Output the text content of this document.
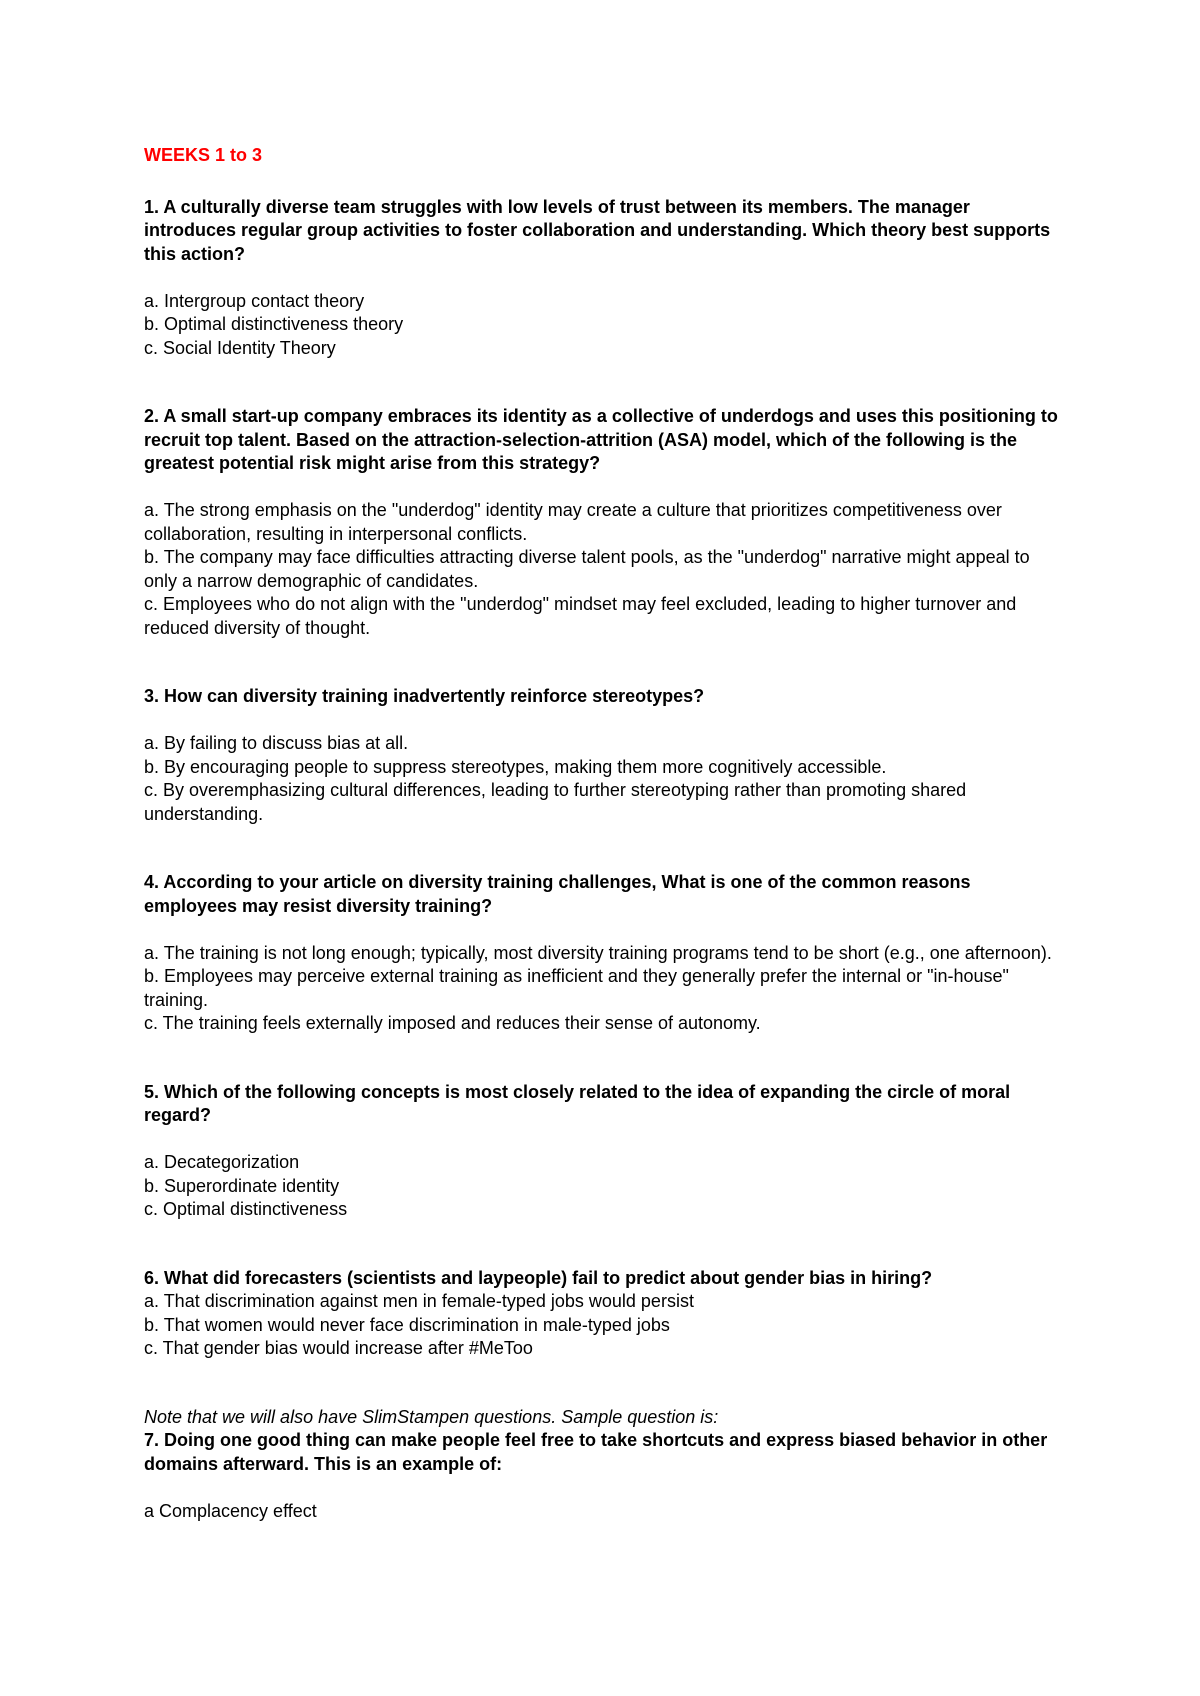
WEEKS 1 to 3

1. A culturally diverse team struggles with low levels of trust between its members. The manager introduces regular group activities to foster collaboration and understanding. Which theory best supports this action?

a. Intergroup contact theory

b. Optimal distinctiveness theory

c. Social Identity Theory

2. A small start-up company embraces its identity as a collective of underdogs and uses this positioning to recruit top talent. Based on the attraction-selection-attrition (ASA) model, which of the following is the greatest potential risk might arise from this strategy?

a. The strong emphasis on the "underdog" identity may create a culture that prioritizes competitiveness over collaboration, resulting in interpersonal conflicts.

b. The company may face difficulties attracting diverse talent pools, as the "underdog" narrative might appeal to only a narrow demographic of candidates.

c. Employees who do not align with the "underdog" mindset may feel excluded, leading to higher turnover and reduced diversity of thought.

3. How can diversity training inadvertently reinforce stereotypes?

a. By failing to discuss bias at all.

b. By encouraging people to suppress stereotypes, making them more cognitively accessible.

c. By overemphasizing cultural differences, leading to further stereotyping rather than promoting shared understanding.

4. According to your article on diversity training challenges, What is one of the common reasons employees may resist diversity training?

a. The training is not long enough; typically, most diversity training programs tend to be short (e.g., one afternoon).

b. Employees may perceive external training as inefficient and they generally prefer the internal or "in-house" training.

c. The training feels externally imposed and reduces their sense of autonomy.

5. Which of the following concepts is most closely related to the idea of expanding the circle of moral regard?

a. Decategorization

b. Superordinate identity

c. Optimal distinctiveness

6. What did forecasters (scientists and laypeople) fail to predict about gender bias in hiring?

a. That discrimination against men in female-typed jobs would persist

b. That women would never face discrimination in male-typed jobs

c. That gender bias would increase after #MeToo

Note that we will also have SlimStampen questions. Sample question is:

7. Doing one good thing can make people feel free to take shortcuts and express biased behavior in other domains afterward. This is an example of:

a Complacency effect
